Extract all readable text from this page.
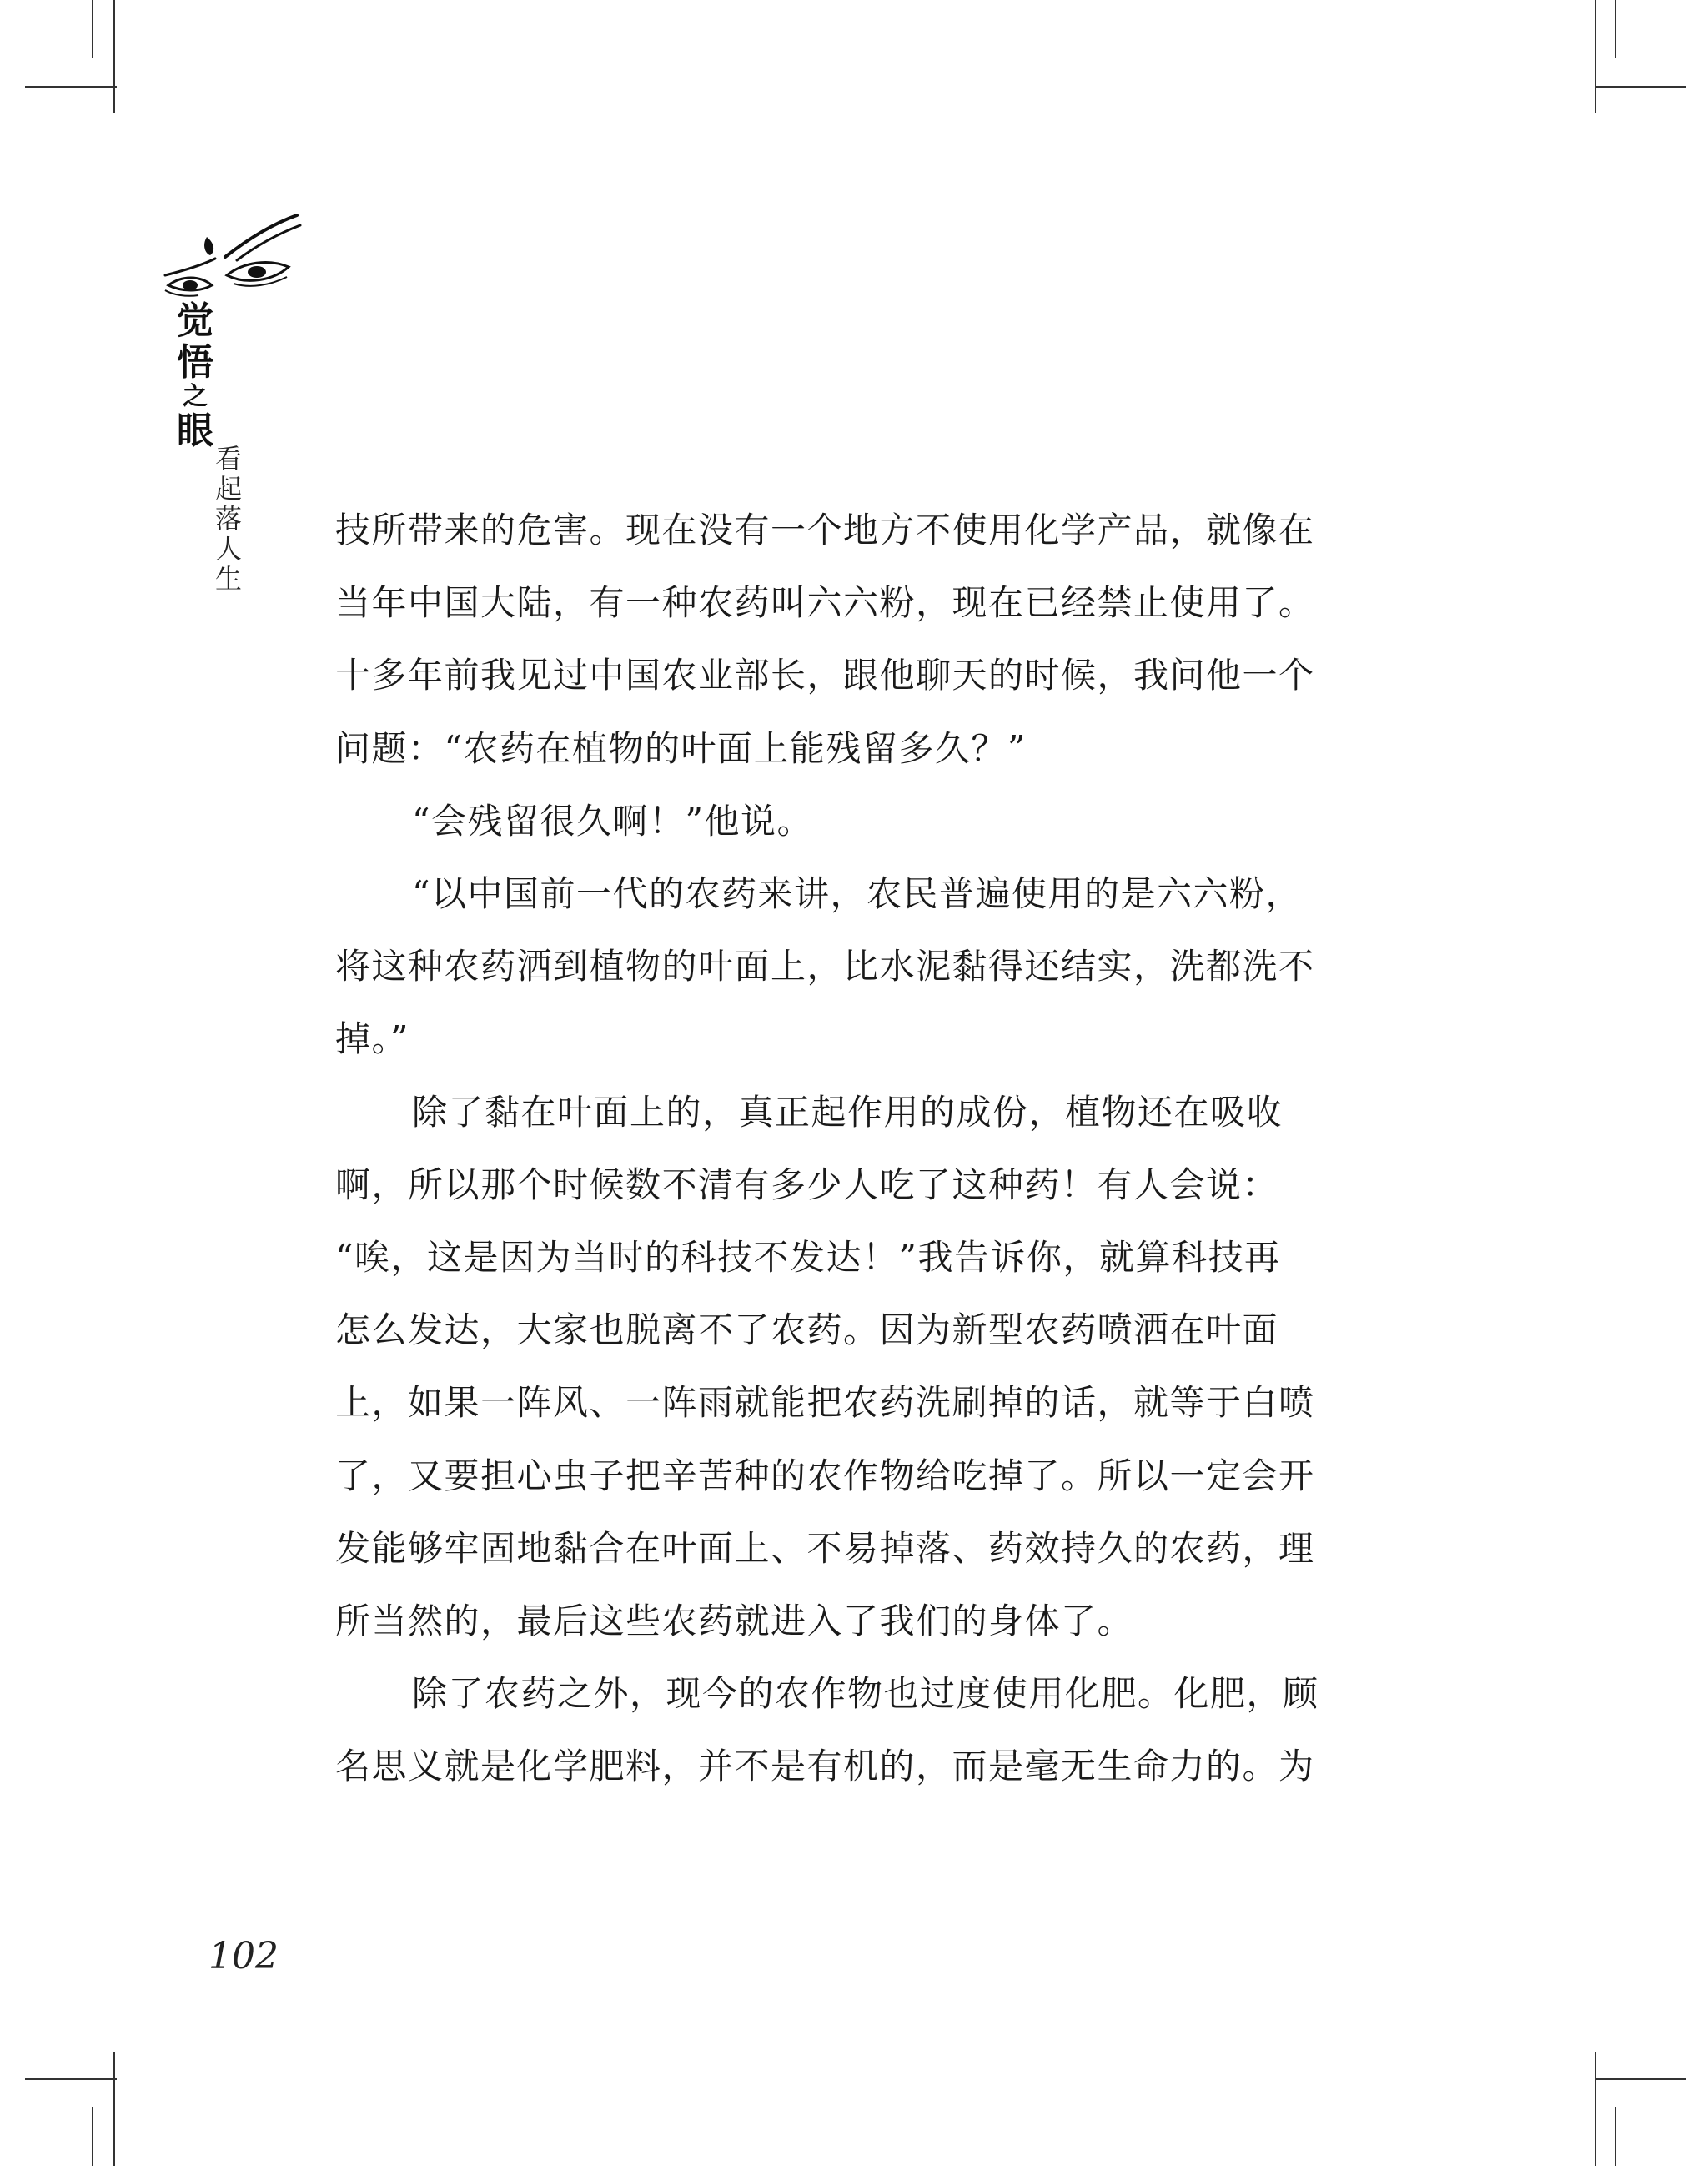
觉
悟
之
眼
看
起
落
人
生

技所带来的危害。现在没有一个地方不使用化学产品，就像在

当年中国大陆，有一种农药叫六六粉，现在已经禁止使用了。

十多年前我见过中国农业部长，跟他聊天的时候，我问他一个

问题：“农药在植物的叶面上能残留多久？”

“会残留很久啊！”他说。

“以中国前一代的农药来讲，农民普遍使用的是六六粉，

将这种农药洒到植物的叶面上，比水泥黏得还结实，洗都洗不

掉。”

除了黏在叶面上的，真正起作用的成份，植物还在吸收

啊，所以那个时候数不清有多少人吃了这种药！有人会说：

“唉，这是因为当时的科技不发达！”我告诉你，就算科技再

怎么发达，大家也脱离不了农药。因为新型农药喷洒在叶面

上，如果一阵风、一阵雨就能把农药洗刷掉的话，就等于白喷

了，又要担心虫子把辛苦种的农作物给吃掉了。所以一定会开

发能够牢固地黏合在叶面上、不易掉落、药效持久的农药，理

所当然的，最后这些农药就进入了我们的身体了。

除了农药之外，现今的农作物也过度使用化肥。化肥，顾

名思义就是化学肥料，并不是有机的，而是毫无生命力的。为

102
